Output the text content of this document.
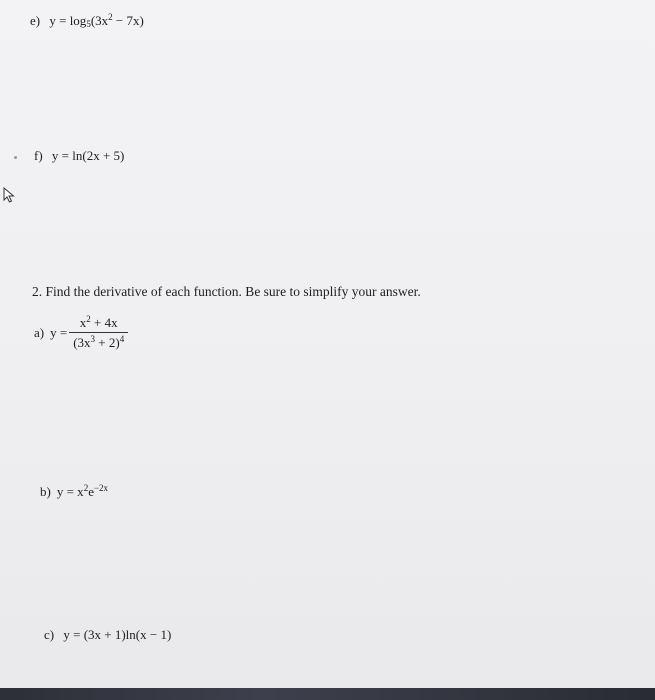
e) $y = \log_5(3x^2 - 7x)$
f) y = ln(2x + 5)
2. Find the derivative of each function. Be sure to simplify your answer.
a) $y = \frac{x^2 + 4x}{(3x^3 + 2)^4}$
b) $y = x^2e^{-2x}$
c) y = (3x + 1)ln(x − 1)
